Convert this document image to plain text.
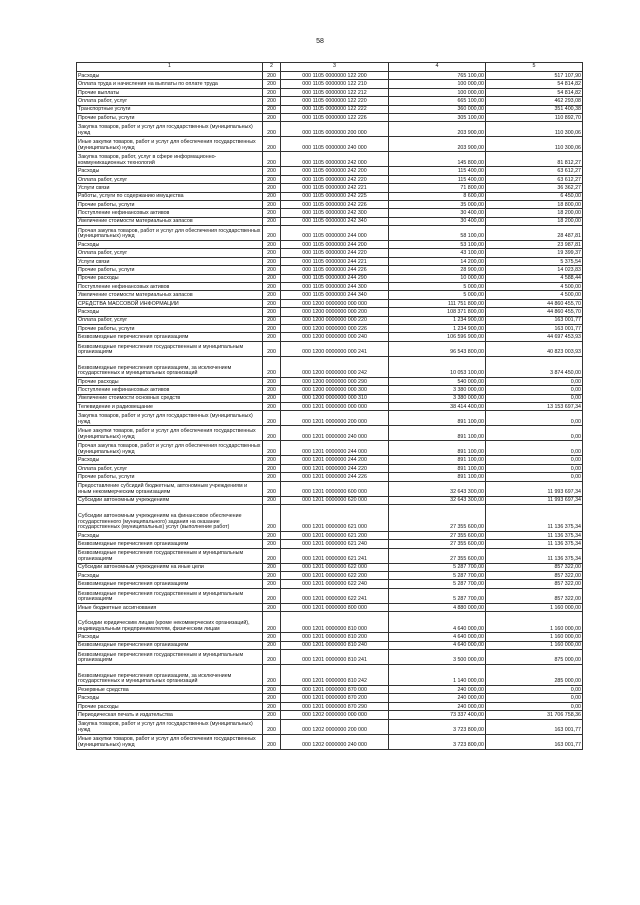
58
1	2	3	4	5
Расходы	200	000 1105 0000000 122 200	765 100,00	517 107,90
Оплата труда и начисления на выплаты по оплате труда	200	000 1105 0000000 122 210	100 000,00	54 814,82
Прочие выплаты	200	000 1105 0000000 122 212	100 000,00	54 814,82
Оплата работ, услуг	200	000 1105 0000000 122 220	665 100,00	462 293,08
Транспортные услуги	200	000 1105 0000000 122 222	360 000,00	351 400,38
Прочие работы, услуги	200	000 1105 0000000 122 226	305 100,00	110 892,70
Закупка товаров, работ и услуг для государственных (муниципальных) нужд	200	000 1105 0000000 200 000	203 900,00	110 300,06
Иные закупки товаров, работ и услуг для обеспечения государственных (муниципальных) нужд	200	000 1105 0000000 240 000	203 900,00	110 300,06
Закупка товаров, работ, услуг в сфере информационно-коммуникационных технологий	200	000 1105 0000000 242 000	145 800,00	81 812,27
Расходы	200	000 1105 0000000 242 200	115 400,00	63 612,27
Оплата работ, услуг	200	000 1105 0000000 242 220	115 400,00	63 612,27
Услуги связи	200	000 1105 0000000 242 221	71 800,00	36 362,27
Работы, услуги по содержанию имущества	200	000 1105 0000000 242 225	8 600,00	6 450,00
Прочие работы, услуги	200	000 1105 0000000 242 226	35 000,00	18 800,00
Поступление нефинансовых активов	200	000 1105 0000000 242 300	30 400,00	18 200,00
Увеличение стоимости материальных запасов	200	000 1105 0000000 242 340	30 400,00	18 200,00
Прочая закупка товаров, работ и услуг для обеспечения государственных (муниципальных) нужд	200	000 1105 0000000 244 000	58 100,00	28 487,81
Расходы	200	000 1105 0000000 244 200	53 100,00	23 987,81
Оплата работ, услуг	200	000 1105 0000000 244 220	43 100,00	19 399,37
Услуги связи	200	000 1105 0000000 244 221	14 200,00	5 375,54
Прочие работы, услуги	200	000 1105 0000000 244 226	28 900,00	14 023,83
Прочие расходы	200	000 1105 0000000 244 290	10 000,00	4 588,44
Поступление нефинансовых активов	200	000 1105 0000000 244 300	5 000,00	4 500,00
Увеличение стоимости материальных запасов	200	000 1105 0000000 244 340	5 000,00	4 500,00
СРЕДСТВА МАССОВОЙ ИНФОРМАЦИИ	200	000 1200 0000000 000 000	111 751 800,00	44 860 455,70
Расходы	200	000 1200 0000000 000 200	108 371 800,00	44 860 455,70
Оплата работ, услуг	200	000 1200 0000000 000 220	1 234 900,00	163 001,77
Прочие работы, услуги	200	000 1200 0000000 000 226	1 234 900,00	163 001,77
Безвозмездные перечисления организациям	200	000 1200 0000000 000 240	106 596 900,00	44 697 453,93
Безвозмездные перечисления государственным и муниципальным организациям	200	000 1200 0000000 000 241	96 543 800,00	40 823 003,93
Безвозмездные перечисления организациям, за исключением государственных и муниципальных организаций	200	000 1200 0000000 000 242	10 053 100,00	3 874 450,00
Прочие расходы	200	000 1200 0000000 000 290	540 000,00	0,00
Поступление нефинансовых активов	200	000 1200 0000000 000 300	3 380 000,00	0,00
Увеличение стоимости основных средств	200	000 1200 0000000 000 310	3 380 000,00	0,00
Телевидение и радиовещание	200	000 1201 0000000 000 000	38 414 400,00	13 153 697,34
Закупка товаров, работ и услуг для государственных (муниципальных) нужд	200	000 1201 0000000 200 000	891 100,00	0,00
Иные закупки товаров, работ и услуг для обеспечения государственных (муниципальных) нужд	200	000 1201 0000000 240 000	891 100,00	0,00
Прочая закупка товаров, работ и услуг для обеспечения государственных (муниципальных) нужд	200	000 1201 0000000 244 000	891 100,00	0,00
Расходы	200	000 1201 0000000 244 200	891 100,00	0,00
Оплата работ, услуг	200	000 1201 0000000 244 220	891 100,00	0,00
Прочие работы, услуги	200	000 1201 0000000 244 226	891 100,00	0,00
Предоставление субсидий бюджетным, автономным учреждениям и иным некоммерческим организациям	200	000 1201 0000000 600 000	32 643 300,00	11 993 697,34
Субсидии автономным учреждениям	200	000 1201 0000000 620 000	32 643 300,00	11 993 697,34
Субсидии автономным учреждениям на финансовое обеспечение государственного (муниципального) задания на оказание государственных (муниципальных) услуг (выполнение работ)	200	000 1201 0000000 621 000	27 355 600,00	11 136 375,34
Расходы	200	000 1201 0000000 621 200	27 355 600,00	11 136 375,34
Безвозмездные перечисления организациям	200	000 1201 0000000 621 240	27 355 600,00	11 136 375,34
Безвозмездные перечисления государственным и муниципальным организациям	200	000 1201 0000000 621 241	27 355 600,00	11 136 375,34
Субсидии автономным учреждениям на иные цели	200	000 1201 0000000 622 000	5 287 700,00	857 322,00
Расходы	200	000 1201 0000000 622 200	5 287 700,00	857 322,00
Безвозмездные перечисления организациям	200	000 1201 0000000 622 240	5 287 700,00	857 322,00
Безвозмездные перечисления государственным и муниципальным организациям	200	000 1201 0000000 622 241	5 287 700,00	857 322,00
Иные бюджетные ассигнования	200	000 1201 0000000 800 000	4 880 000,00	1 160 000,00
Субсидии юридическим лицам (кроме некоммерческих организаций), индивидуальным предпринимателям, физическим лицам	200	000 1201 0000000 810 000	4 640 000,00	1 160 000,00
Расходы	200	000 1201 0000000 810 200	4 640 000,00	1 160 000,00
Безвозмездные перечисления организациям	200	000 1201 0000000 810 240	4 640 000,00	1 160 000,00
Безвозмездные перечисления государственным и муниципальным организациям	200	000 1201 0000000 810 241	3 500 000,00	875 000,00
Безвозмездные перечисления организациям, за исключением государственных и муниципальных организаций	200	000 1201 0000000 810 242	1 140 000,00	285 000,00
Резервные средства	200	000 1201 0000000 870 000	240 000,00	0,00
Расходы	200	000 1201 0000000 870 200	240 000,00	0,00
Прочие расходы	200	000 1201 0000000 870 290	240 000,00	0,00
Периодическая печать и издательства	200	000 1202 0000000 000 000	73 337 400,00	31 706 758,36
Закупка товаров, работ и услуг для государственных (муниципальных) нужд	200	000 1202 0000000 200 000	3 723 800,00	163 001,77
Иные закупки товаров, работ и услуг для обеспечения государственных (муниципальных) нужд	200	000 1202 0000000 240 000	3 723 800,00	163 001,77
